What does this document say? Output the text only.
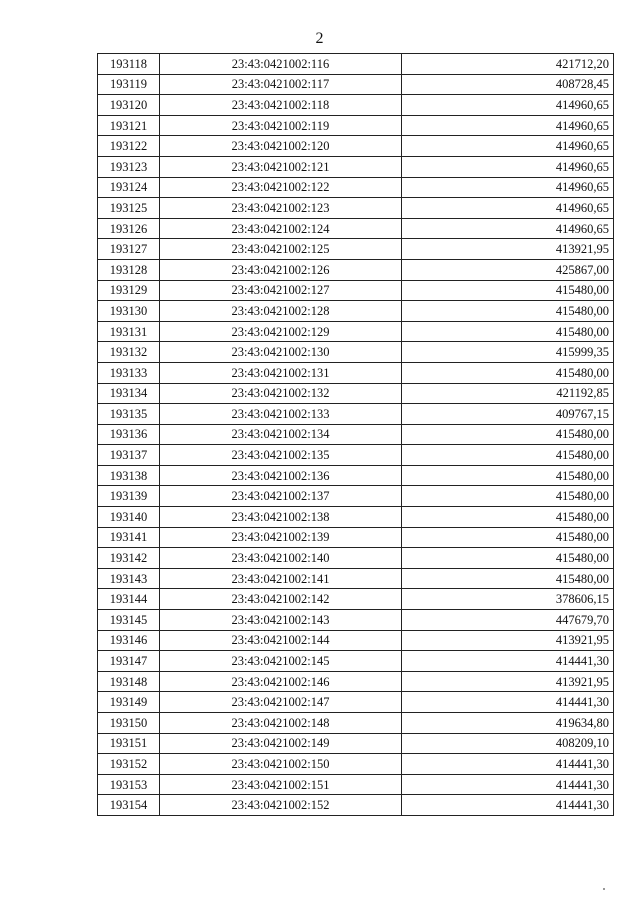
2
193118	23:43:0421002:116	421712,20
193119	23:43:0421002:117	408728,45
193120	23:43:0421002:118	414960,65
193121	23:43:0421002:119	414960,65
193122	23:43:0421002:120	414960,65
193123	23:43:0421002:121	414960,65
193124	23:43:0421002:122	414960,65
193125	23:43:0421002:123	414960,65
193126	23:43:0421002:124	414960,65
193127	23:43:0421002:125	413921,95
193128	23:43:0421002:126	425867,00
193129	23:43:0421002:127	415480,00
193130	23:43:0421002:128	415480,00
193131	23:43:0421002:129	415480,00
193132	23:43:0421002:130	415999,35
193133	23:43:0421002:131	415480,00
193134	23:43:0421002:132	421192,85
193135	23:43:0421002:133	409767,15
193136	23:43:0421002:134	415480,00
193137	23:43:0421002:135	415480,00
193138	23:43:0421002:136	415480,00
193139	23:43:0421002:137	415480,00
193140	23:43:0421002:138	415480,00
193141	23:43:0421002:139	415480,00
193142	23:43:0421002:140	415480,00
193143	23:43:0421002:141	415480,00
193144	23:43:0421002:142	378606,15
193145	23:43:0421002:143	447679,70
193146	23:43:0421002:144	413921,95
193147	23:43:0421002:145	414441,30
193148	23:43:0421002:146	413921,95
193149	23:43:0421002:147	414441,30
193150	23:43:0421002:148	419634,80
193151	23:43:0421002:149	408209,10
193152	23:43:0421002:150	414441,30
193153	23:43:0421002:151	414441,30
193154	23:43:0421002:152	414441,30
